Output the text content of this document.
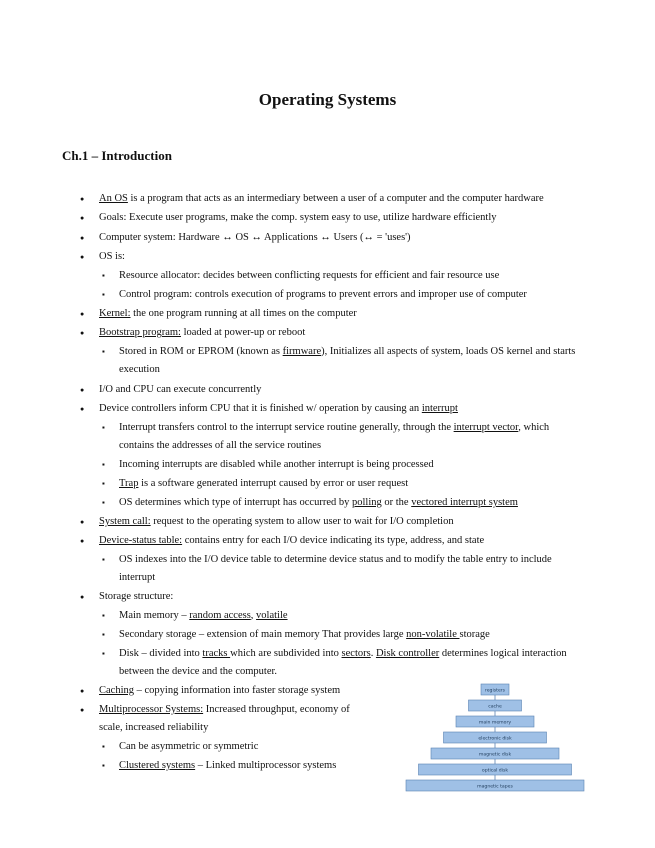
Operating Systems
Ch.1 – Introduction
● An OS is a program that acts as an intermediary between a user of a computer and the computer hardware
● Goals: Execute user programs, make the comp. system easy to use, utilize hardware efficiently
● Computer system: Hardware ↔ OS ↔ Applications ↔ Users (↔ = 'uses')
● OS is:
▪ Resource allocator: decides between conflicting requests for efficient and fair resource use
▪ Control program: controls execution of programs to prevent errors and improper use of computer
● Kernel: the one program running at all times on the computer
● Bootstrap program: loaded at power-up or reboot
▪ Stored in ROM or EPROM (known as firmware), Initializes all aspects of system, loads OS kernel and starts execution
● I/O and CPU can execute concurrently
● Device controllers inform CPU that it is finished w/ operation by causing an interrupt
▪ Interrupt transfers control to the interrupt service routine generally, through the interrupt vector, which contains the addresses of all the service routines
▪ Incoming interrupts are disabled while another interrupt is being processed
▪ Trap is a software generated interrupt caused by error or user request
▪ OS determines which type of interrupt has occurred by polling or the vectored interrupt system
● System call: request to the operating system to allow user to wait for I/O completion
● Device-status table: contains entry for each I/O device indicating its type, address, and state
▪ OS indexes into the I/O device table to determine device status and to modify the table entry to include interrupt
● Storage structure:
▪ Main memory – random access, volatile
▪ Secondary storage – extension of main memory That provides large non-volatile storage
▪ Disk – divided into tracks which are subdivided into sectors. Disk controller determines logical interaction between the device and the computer.
● Caching – copying information into faster storage system
● Multiprocessor Systems: Increased throughput, economy of scale, increased reliability
▪ Can be asymmetric or symmetric
▪ Clustered systems – Linked multiprocessor systems
registers
cache
main memory
electronic disk
magnetic disk
optical disk
magnetic tapes
